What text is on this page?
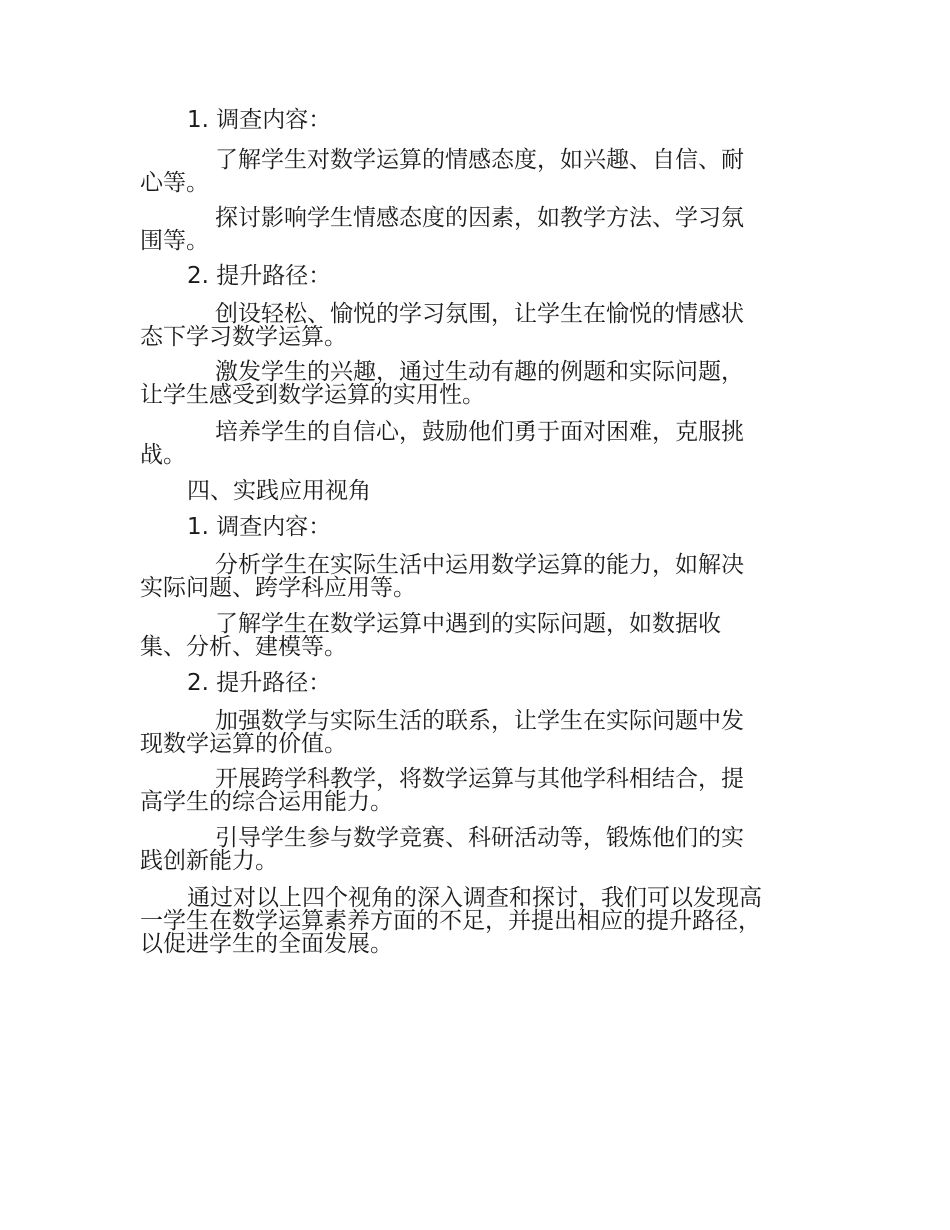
1. 调查内容：
了解学生对数学运算的情感态度，如兴趣、自信、耐
心等。
探讨影响学生情感态度的因素，如教学方法、学习氛
围等。
2. 提升路径：
创设轻松、愉悦的学习氛围，让学生在愉悦的情感状
态下学习数学运算。
激发学生的兴趣，通过生动有趣的例题和实际问题，
让学生感受到数学运算的实用性。
培养学生的自信心，鼓励他们勇于面对困难，克服挑
战。
四、实践应用视角
1. 调查内容：
分析学生在实际生活中运用数学运算的能力，如解决
实际问题、跨学科应用等。
了解学生在数学运算中遇到的实际问题，如数据收
集、分析、建模等。
2. 提升路径：
加强数学与实际生活的联系，让学生在实际问题中发
现数学运算的价值。
开展跨学科教学，将数学运算与其他学科相结合，提
高学生的综合运用能力。
引导学生参与数学竞赛、科研活动等，锻炼他们的实
践创新能力。
通过对以上四个视角的深入调查和探讨，我们可以发现高
一学生在数学运算素养方面的不足，并提出相应的提升路径，
以促进学生的全面发展。
